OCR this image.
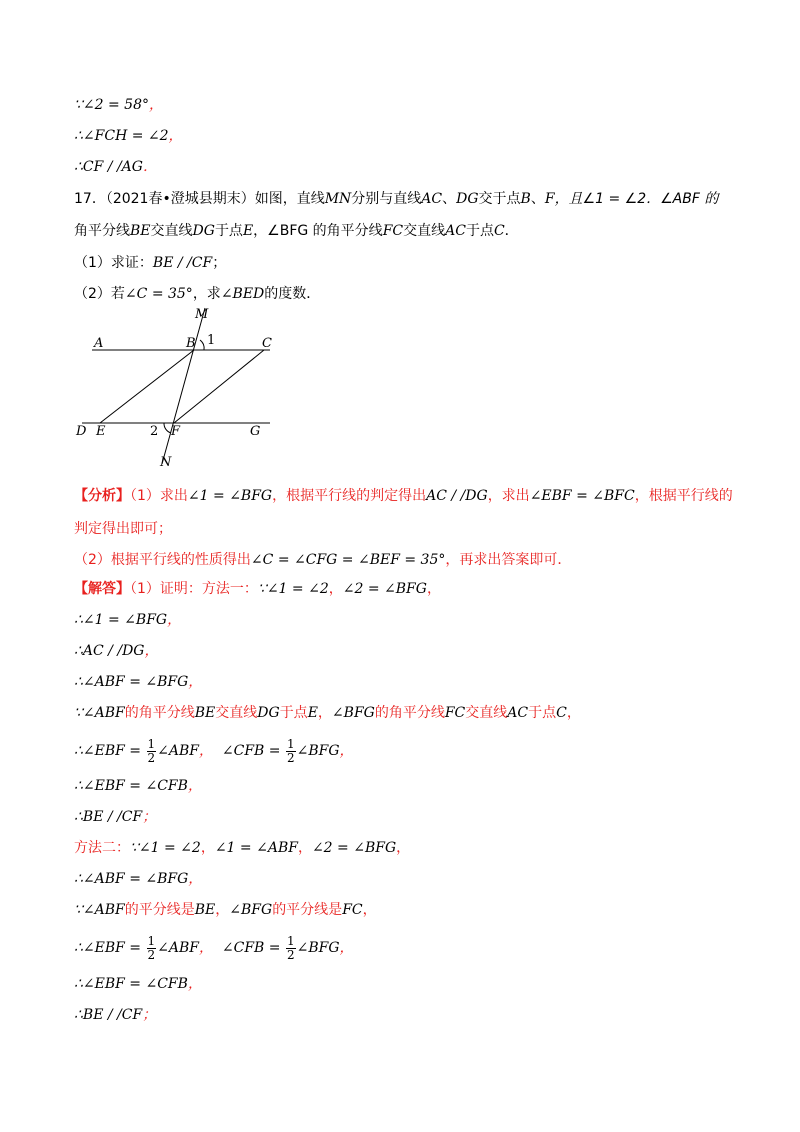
∵∠2 = 58°，
∴∠FCH = ∠2，
∴CF / /AG．
17．（2021春•澄城县期末）如图，直线MN分别与直线AC、DG交于点B、F，且∠1 = ∠2．∠ABF 的
角平分线BE交直线DG于点E，∠BFG 的角平分线FC交直线AC于点C．
（1）求证：BE / /CF；
（2）若∠C = 35°，求∠BED的度数．
M
A	B 1	C
D E	2 F	G
N
【分析】（1）求出∠1 = ∠BFG，根据平行线的判定得出AC / /DG，求出∠EBF = ∠BFC，根据平行线的
判定得出即可；
（2）根据平行线的性质得出∠C = ∠CFG = ∠BEF = 35°，再求出答案即可．
【解答】（1）证明：方法一：∵∠1 = ∠2，∠2 = ∠BFG，
∴∠1 = ∠BFG，
∴AC / /DG，
∴∠ABF = ∠BFG，
∵∠ABF的角平分线BE交直线DG于点E，∠BFG的角平分线FC交直线AC于点C，
∴∠EBF = $\frac{1}{2}$ ∠ABF， ∠CFB = $\frac{1}{2}$ ∠BFG，
∴∠EBF = ∠CFB，
∴BE / /CF；
方法二：∵∠1 = ∠2，∠1 = ∠ABF，∠2 = ∠BFG，
∴∠ABF = ∠BFG，
∵∠ABF的平分线是BE，∠BFG的平分线是FC，
∴∠EBF = $\frac{1}{2}$ ∠ABF， ∠CFB = $\frac{1}{2}$ ∠BFG，
∴∠EBF = ∠CFB，
∴BE / /CF；
